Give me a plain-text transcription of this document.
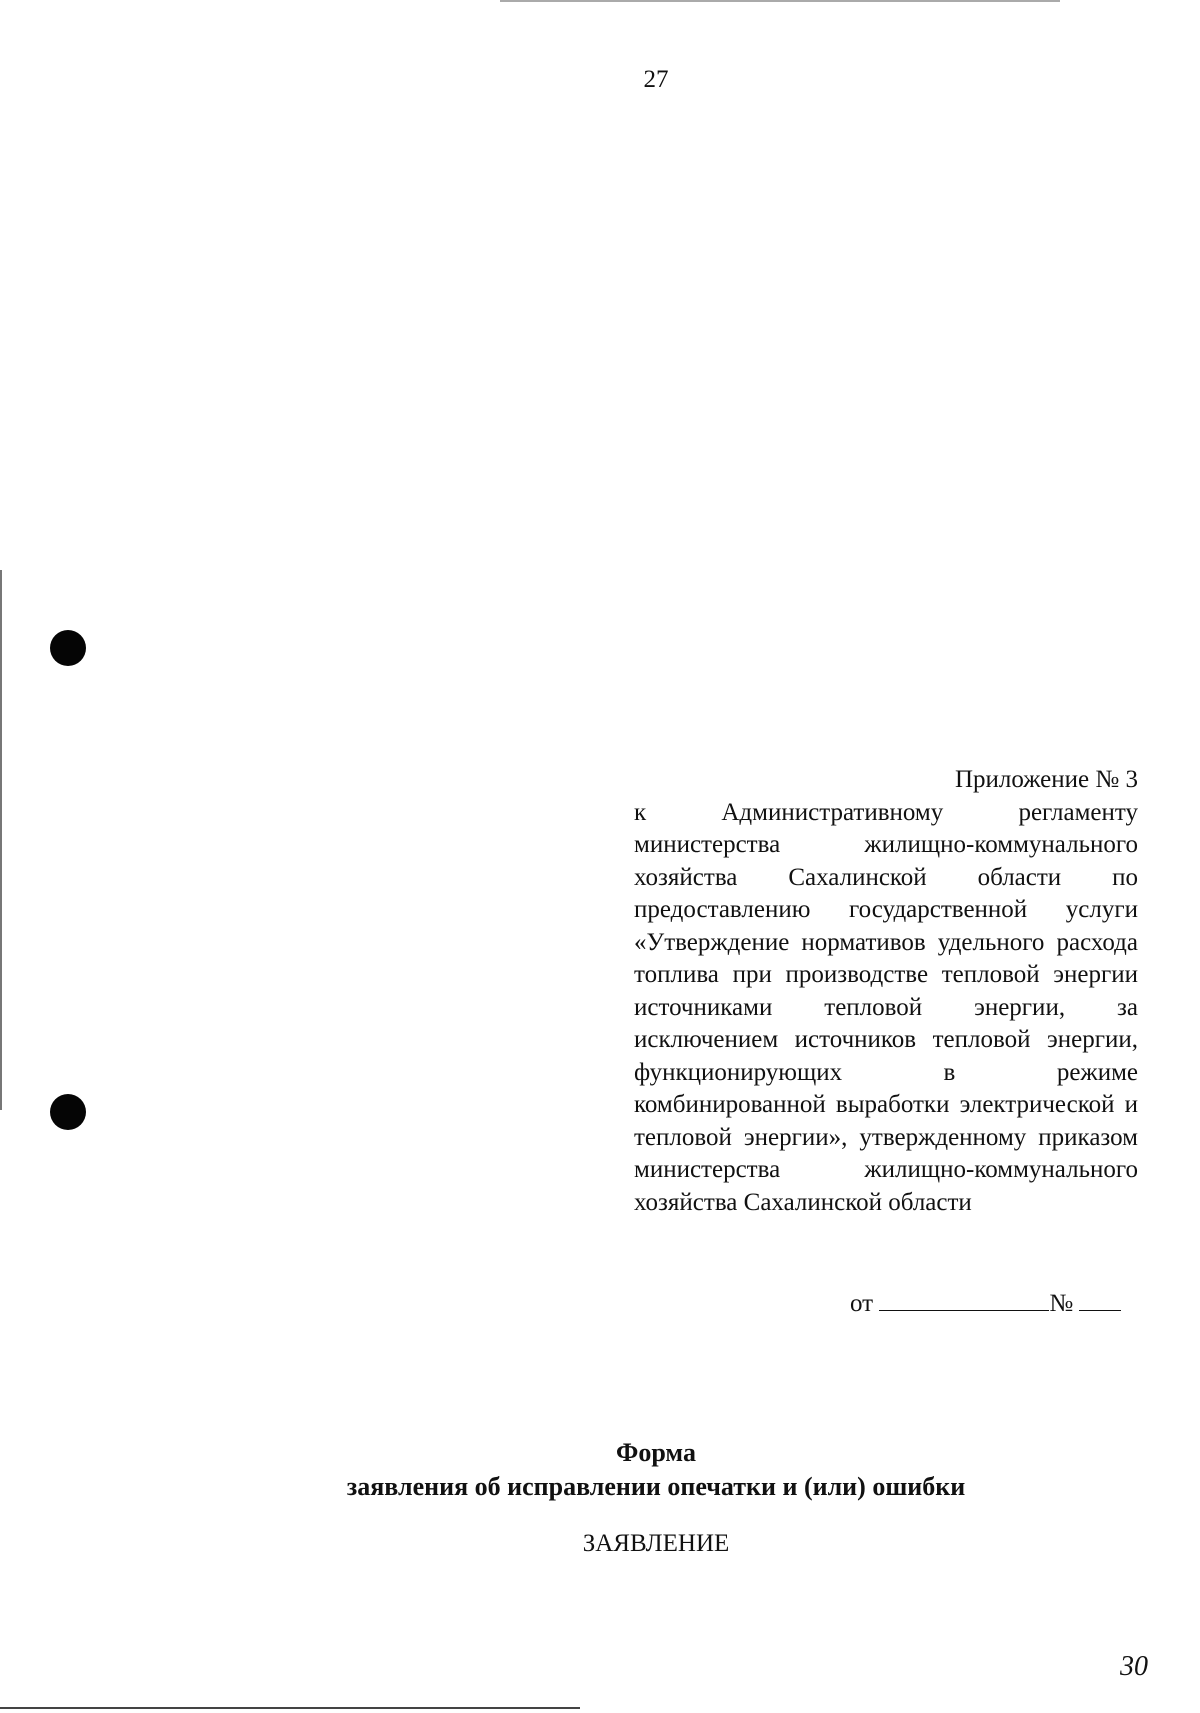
27
Приложение № 3
к Административному регламенту министерства жилищно-коммунального хозяйства Сахалинской области по предоставлению государственной услуги «Утверждение нормативов удельного расхода топлива при производстве тепловой энергии источниками тепловой энергии, за исключением источников тепловой энергии, функционирующих в режиме комбинированной выработки электрической и тепловой энергии», утвержденному приказом министерства жилищно-коммунального хозяйства Сахалинской области
от	№
Форма
заявления об исправлении опечатки и (или) ошибки
ЗАЯВЛЕНИЕ
30
